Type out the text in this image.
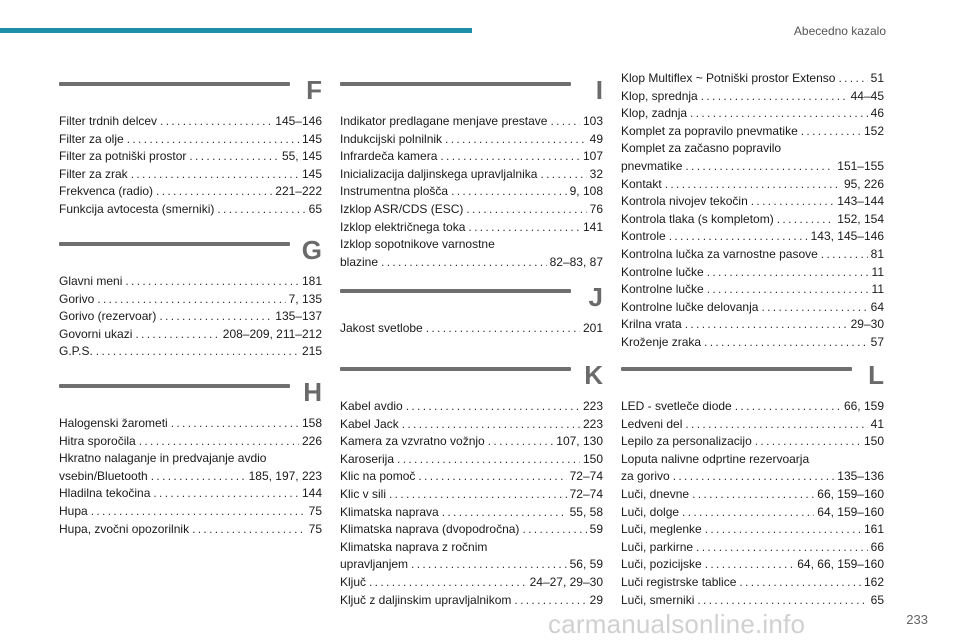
Abecedno kazalo
F
Filter trdnih delcev . . .	145–146
Filter za olje . . .	145
Filter za potniški prostor . . .	55, 145
Filter za zrak . . .	145
Frekvenca (radio) . . .	221–222
Funkcija avtocesta (smerniki) . . .	65
G
Glavni meni . . .	181
Gorivo . . .	7, 135
Gorivo (rezervoar) . . .	135–137
Govorni ukazi . . .	208–209, 211–212
G.P.S. . . .	215
H
Halogenski žarometi . . .	158
Hitra sporočila . . .	226
Hkratno nalaganje in predvajanje avdio
vsebin/Bluetooth . . .	185, 197, 223
Hladilna tekočina . . .	144
Hupa . . .	75
Hupa, zvočni opozorilnik . . .	75
I
Indikator predlagane menjave prestave . . .	103
Indukcijski polnilnik . . .	49
Infrardeča kamera . . .	107
Inicializacija daljinskega upravljalnika . . .	32
Instrumentna plošča . . .	9, 108
Izklop ASR/CDS (ESC) . . .	76
Izklop električnega toka . . .	141
Izklop sopotnikove varnostne
blazine . . .	82–83, 87
J
Jakost svetlobe . . .	201
K
Kabel avdio . . .	223
Kabel Jack . . .	223
Kamera za vzvratno vožnjo . . .	107, 130
Karoserija . . .	150
Klic na pomoč . . .	72–74
Klic v sili . . .	72–74
Klimatska naprava . . .	55, 58
Klimatska naprava (dvopodročna) . . .	59
Klimatska naprava z ročnim
upravljanjem . . .	56, 59
Ključ . . .	24–27, 29–30
Ključ z daljinskim upravljalnikom . . .	29
Klop Multiflex ~ Potniški prostor Extenso . . .	51
Klop, sprednja . . .	44–45
Klop, zadnja . . .	46
Komplet za popravilo pnevmatike . . .	152
Komplet za začasno popravilo
pnevmatike . . .	151–155
Kontakt . . .	95, 226
Kontrola nivojev tekočin . . .	143–144
Kontrola tlaka (s kompletom) . . .	152, 154
Kontrole . . .	143, 145–146
Kontrolna lučka za varnostne pasove . . .	81
Kontrolne lučke . . .	11
Kontrolne lučke . . .	11
Kontrolne lučke delovanja . . .	64
Krilna vrata . . .	29–30
Kroženje zraka . . .	57
L
LED - svetleče diode . . .	66, 159
Ledveni del . . .	41
Lepilo za personalizacijo . . .	150
Loputa nalivne odprtine rezervoarja
za gorivo . . .	135–136
Luči, dnevne . . .	66, 159–160
Luči, dolge . . .	64, 159–160
Luči, meglenke . . .	161
Luči, parkirne . . .	66
Luči, pozicijske . . .	64, 66, 159–160
Luči registrske tablice . . .	162
Luči, smerniki . . .	65
carmanualsonline.info	233
